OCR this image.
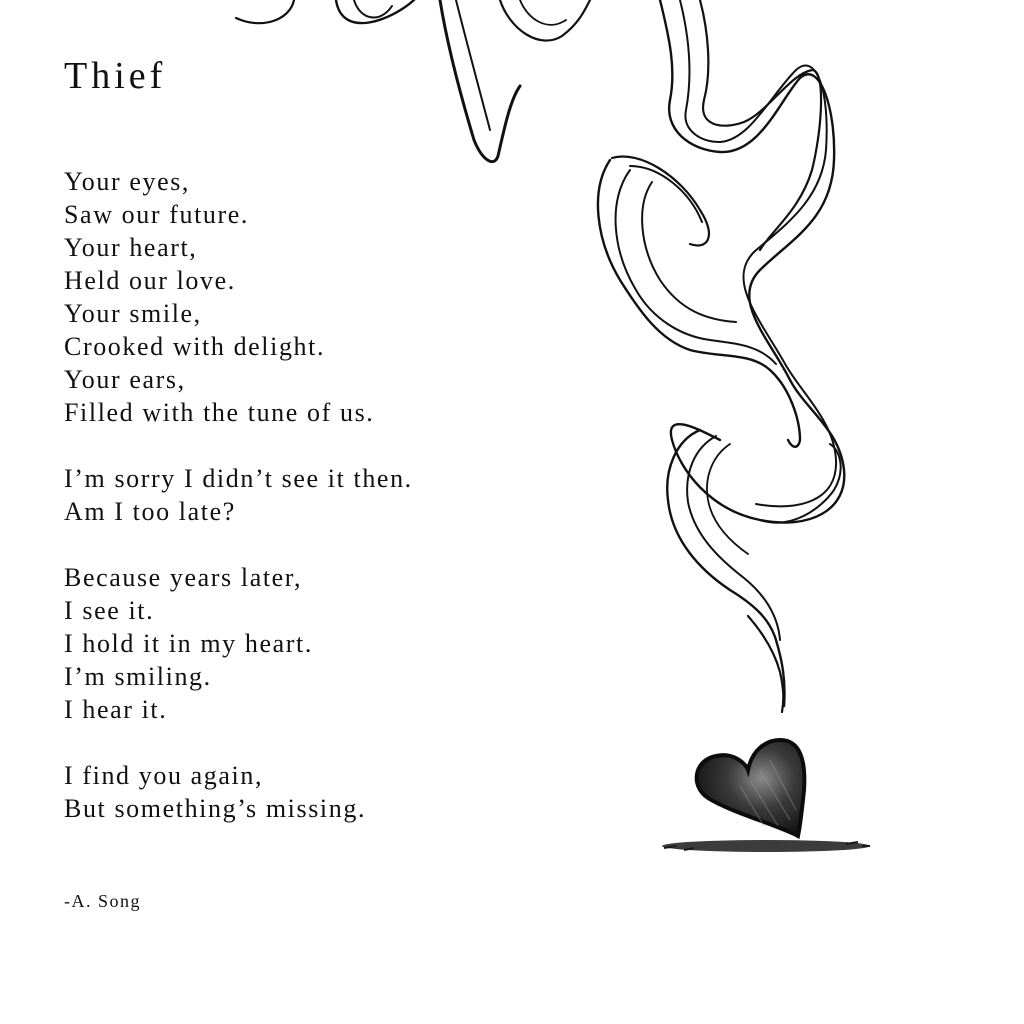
Thief
Your eyes,
Saw our future.
Your heart,
Held our love.
Your smile,
Crooked with delight.
Your ears,
Filled with the tune of us.
I’m sorry I didn’t see it then.
Am I too late?
Because years later,
I see it.
I hold it in my heart.
I’m smiling.
I hear it.
I find you again,
But something’s missing.
-A. Song
